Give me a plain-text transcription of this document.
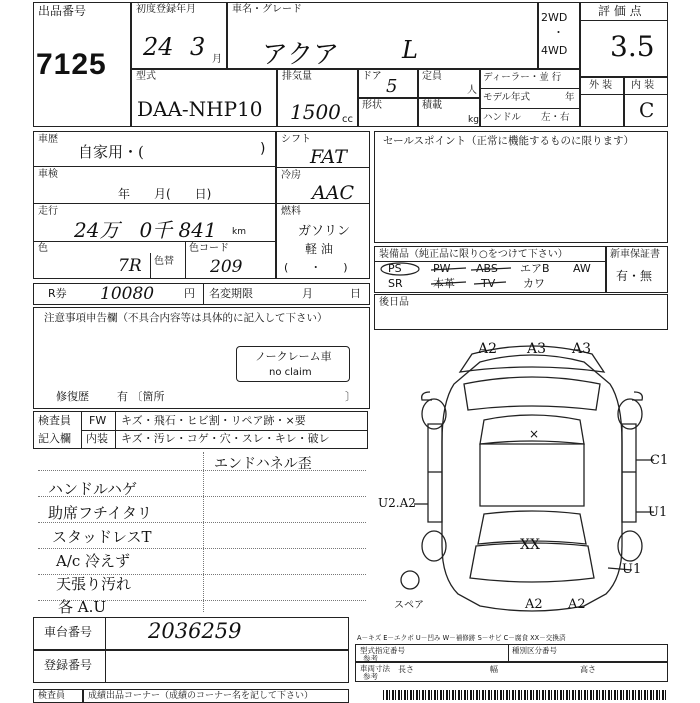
出品番号
7125
初度登録年月
24 3 月
車名・グレード
アクア	L
2WD
・
4WD
評 価 点
3.5
型式
DAA-NHP10
排気量
1500 cc
ドア 5
形状
定員
人
積載
kg
ディーラー・並 行
モデル年式	年
ハンドル 左・右
外 装 内 装
C
車歴
自家用・(	)
車検
年　　月(　　日)
走行
24万　0千 841 km
色
7R 色替
色コード
209
シフト
FAT
冷房
AAC
燃料
ガソリン
軽 油
(　　・　　)
セールスポイント（正常に機能するものに限ります）
装備品（純正品に限り○をつけて下さい）
PS	PW ABS エアB AW
SR	本革 TV	カワ
新車保証書
有・無
R券 10080	円 名変期限	月	日
後日品
注意事項申告欄（不具合内容等は具体的に記入して下さい）
ノークレーム車
no claim
修復歴	有 〔箇所	〕
検査員
記入欄
FW キズ・飛石・ヒビ割・リペア跡・×要
内装 キズ・汚レ・コゲ・穴・スレ・キレ・破レ
ハンドルハゲ
助席フチイタリ
スタッドレスT
A/c 冷えず
天張り汚れ
各 A.U
エンドハネル歪
A2 A3 A3
×
XX
U2.A2
C1
U1
U1
A2 A2
スペア
車台番号	2036259
登録番号
A－キズ E－エクボ U－凹み W－補修跡 S－サビ C－腐食 XX－交換済
型式指定番号
参考
種別区分番号
車両寸法
参考
長さ	幅	高さ
検査員	成績出品コーナー（成績のコーナー名を記して下さい）
